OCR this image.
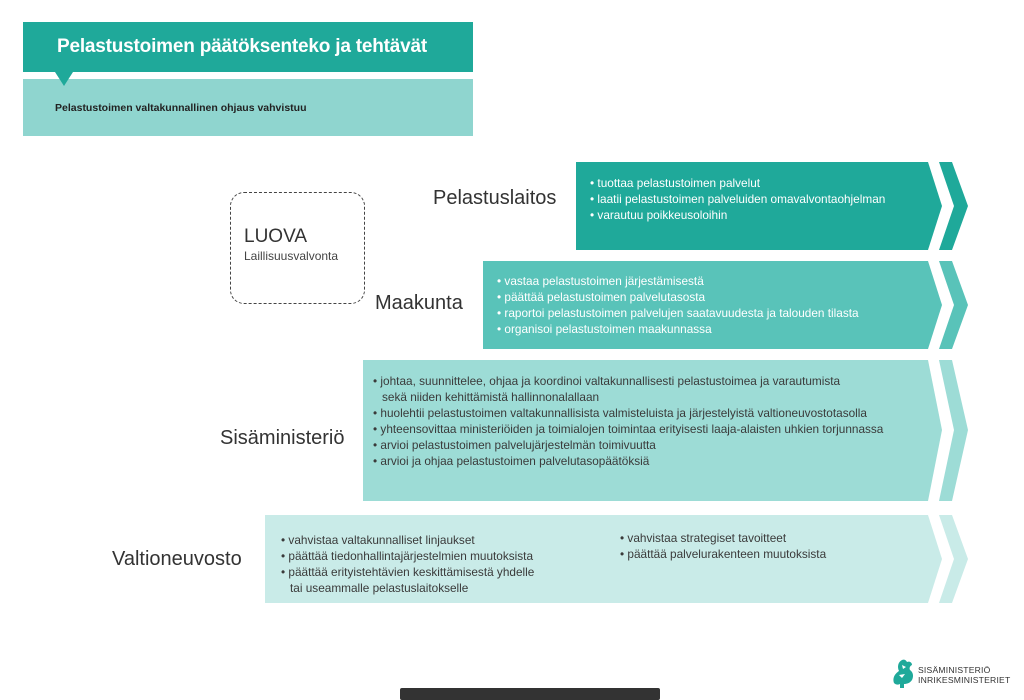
Pelastustoimen päätöksenteko ja tehtävät
Pelastustoimen valtakunnallinen ohjaus vahvistuu
LUOVA
Laillisuusvalvonta
Pelastuslaitos
• tuottaa pelastustoimen palvelut
• laatii pelastustoimen palveluiden omavalvontaohjelman
• varautuu poikkeusoloihin
Maakunta
• vastaa pelastustoimen järjestämisestä
• päättää pelastustoimen palvelutasosta
• raportoi pelastustoimen palvelujen saatavuudesta ja talouden tilasta
• organisoi pelastustoimen maakunnassa
Sisäministeriö
• johtaa, suunnittelee, ohjaa ja koordinoi valtakunnallisesti pelastustoimea ja varautumista
sekä niiden kehittämistä hallinnonalallaan
• huolehtii pelastustoimen valtakunnallisista valmisteluista ja järjestelyistä valtioneuvostotasolla
• yhteensovittaa ministeriöiden ja toimialojen toimintaa erityisesti laaja-alaisten uhkien torjunnassa
• arvioi pelastustoimen palvelujärjestelmän toimivuutta
• arvioi ja ohjaa pelastustoimen palvelutasopäätöksiä
Valtioneuvosto
• vahvistaa valtakunnalliset linjaukset
• päättää tiedonhallintajärjestelmien muutoksista
• päättää erityistehtävien keskittämisestä yhdelle
tai useammalle pelastuslaitokselle
• vahvistaa strategiset tavoitteet
• päättää palvelurakenteen muutoksista
SISÄMINISTERIÖ
INRIKESMINISTERIET
